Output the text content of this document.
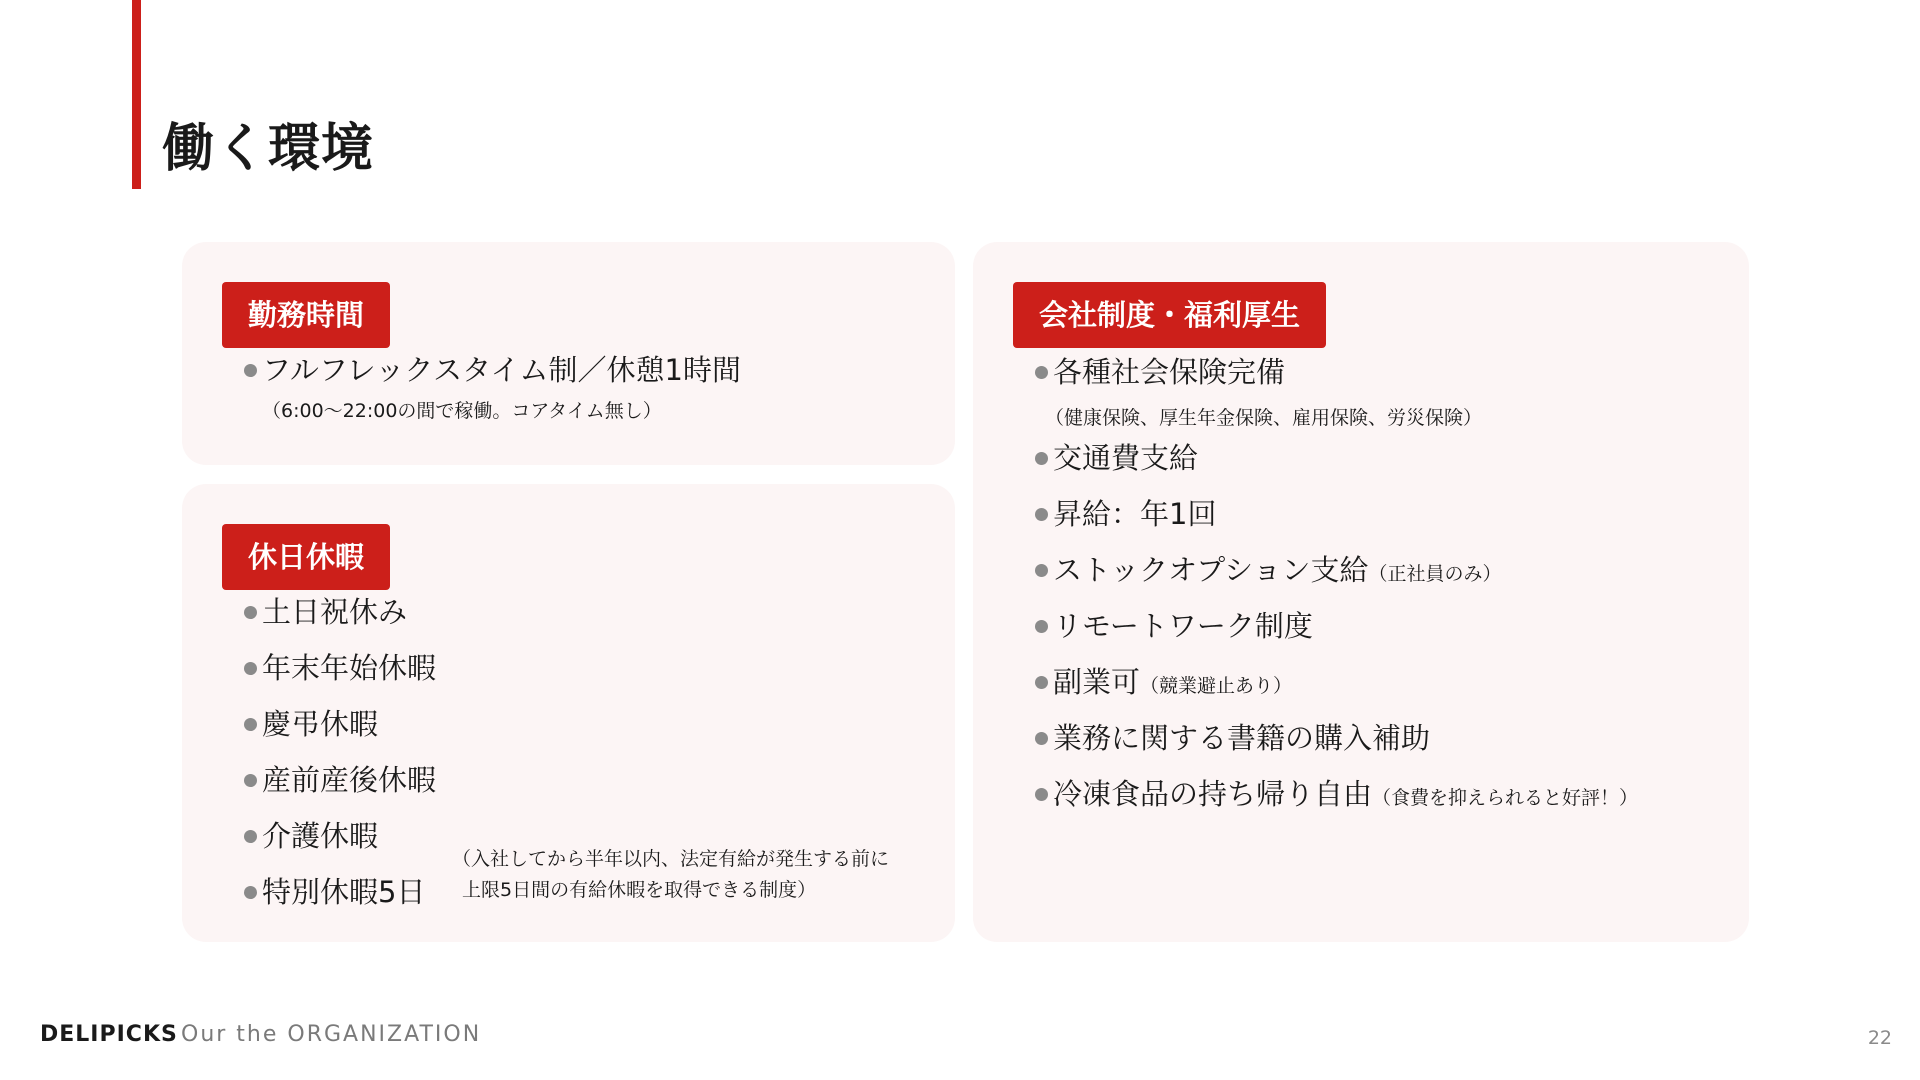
働く環境
勤務時間
フルフレックスタイム制／休憩1時間
（6:00〜22:00の間で稼働。コアタイム無し）
休日休暇
土日祝休み
年末年始休暇
慶弔休暇
産前産後休暇
介護休暇
特別休暇5日
（入社してから半年以内、法定有給が発生する前に
上限5日間の有給休暇を取得できる制度）
会社制度・福利厚生
各種社会保険完備
（健康保険、厚生年金保険、雇用保険、労災保険）
交通費支給
昇給：年1回
ストックオプション支給（正社員のみ）
リモートワーク制度
副業可（競業避止あり）
業務に関する書籍の購入補助
冷凍食品の持ち帰り自由（食費を抑えられると好評！）
DELIPICKS Our the ORGANIZATION	22
